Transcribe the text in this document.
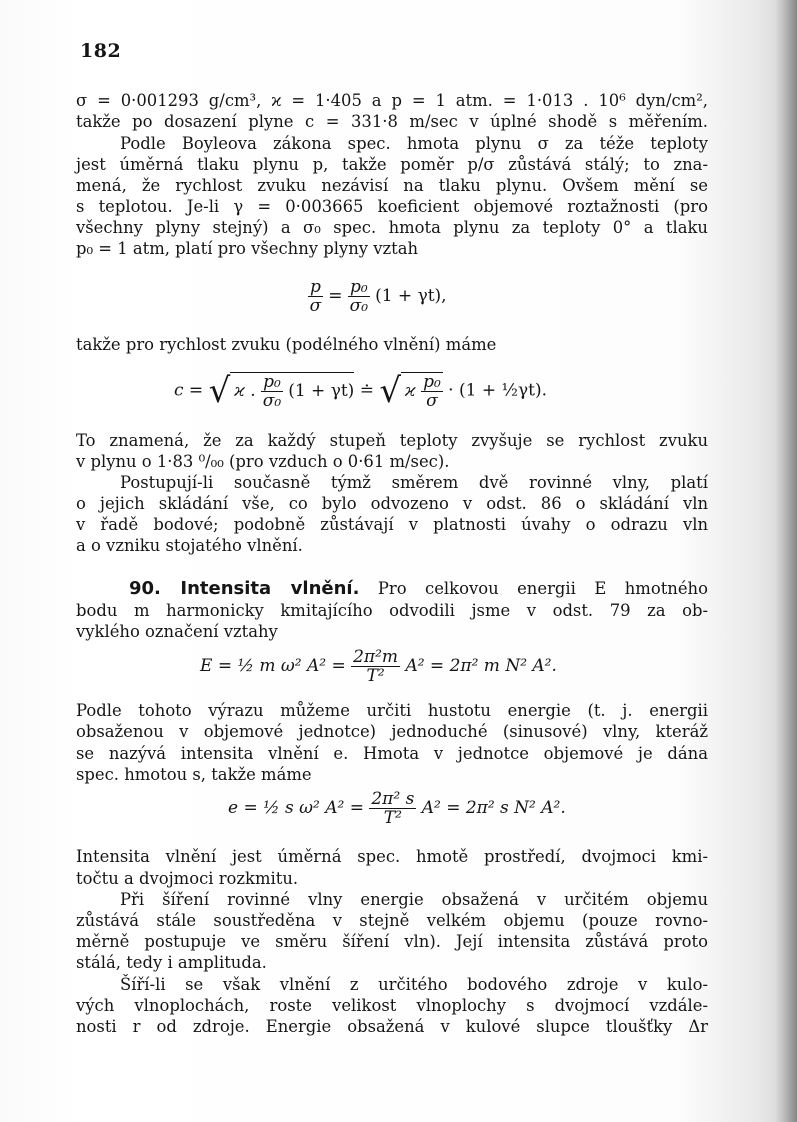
182
σ = 0·001293 g/cm³, ϰ = 1·405 a p = 1 atm. = 1·013 . 10⁶ dyn/cm²,
takže po dosazení plyne c = 331·8 m/sec v úplné shodě s měřením.
Podle Boyleova zákona spec. hmota plynu σ za téže teploty
jest úměrná tlaku plynu p, takže poměr p/σ zůstává stálý; to zna-
mená, že rychlost zvuku nezávisí na tlaku plynu. Ovšem mění se
s teplotou. Je-li γ = 0·003665 koeficient objemové roztažnosti (pro
všechny plyny stejný) a σ₀ spec. hmota plynu za teploty 0° a tlaku
p₀ = 1 atm, platí pro všechny plyny vztah
$\frac{p}{\sigma} = \frac{\text{p₀}}{\text{σ₀}} (1 + \gamma t)$,
takže pro rychlost zvuku (podélného vlnění) máme
c = √ ϰ . $\frac{\text{p₀}}{\text{σ₀}} (1 + \gamma t)$ ≐ √ ϰ $\frac{\text{p₀}}{\sigma} \cdot (1$ + ½γt).
To znamená, že za každý stupeň teploty zvyšuje se rychlost zvuku
v plynu o 1·83 ⁰/₀₀ (pro vzduch o 0·61 m/sec).
Postupují-li současně týmž směrem dvě rovinné vlny, platí
o jejich skládání vše, co bylo odvozeno v odst. 86 o skládání vln
v řadě bodové; podobně zůstávají v platnosti úvahy o odrazu vln
a o vzniku stojatého vlnění.
90. Intensita vlnění. Pro celkovou energii E hmotného
bodu m harmonicky kmitajícího odvodili jsme v odst. 79 za ob-
vyklého označení vztahy
E = ½ m ω² $A^2 = \frac{\text{2π²m}}{\text{T²}} A^2 = 2\pi^2$ m N² A².
Podle tohoto výrazu můžeme určiti hustotu energie (t. j. energii
obsaženou v objemové jednotce) jednoduché (sinusové) vlny, kteráž
se nazývá intensita vlnění e. Hmota v jednotce objemové je dána
spec. hmotou s, takže máme
e = ½ s ω² $A^2 = \frac{\text{2π² s}}{\text{T²}} A^2 = 2\pi^2$ s N² A².
Intensita vlnění jest úměrná spec. hmotě prostředí, dvojmoci kmi-
točtu a dvojmoci rozkmitu.
Při šíření rovinné vlny energie obsažená v určitém objemu
zůstává stále soustředěna v stejně velkém objemu (pouze rovno-
měrně postupuje ve směru šíření vln). Její intensita zůstává proto
stálá, tedy i amplituda.
Šíří-li se však vlnění z určitého bodového zdroje v kulo-
vých vlnoplochách, roste velikost vlnoplochy s dvojmocí vzdále-
nosti r od zdroje. Energie obsažená v kulové slupce tloušťky Δr
